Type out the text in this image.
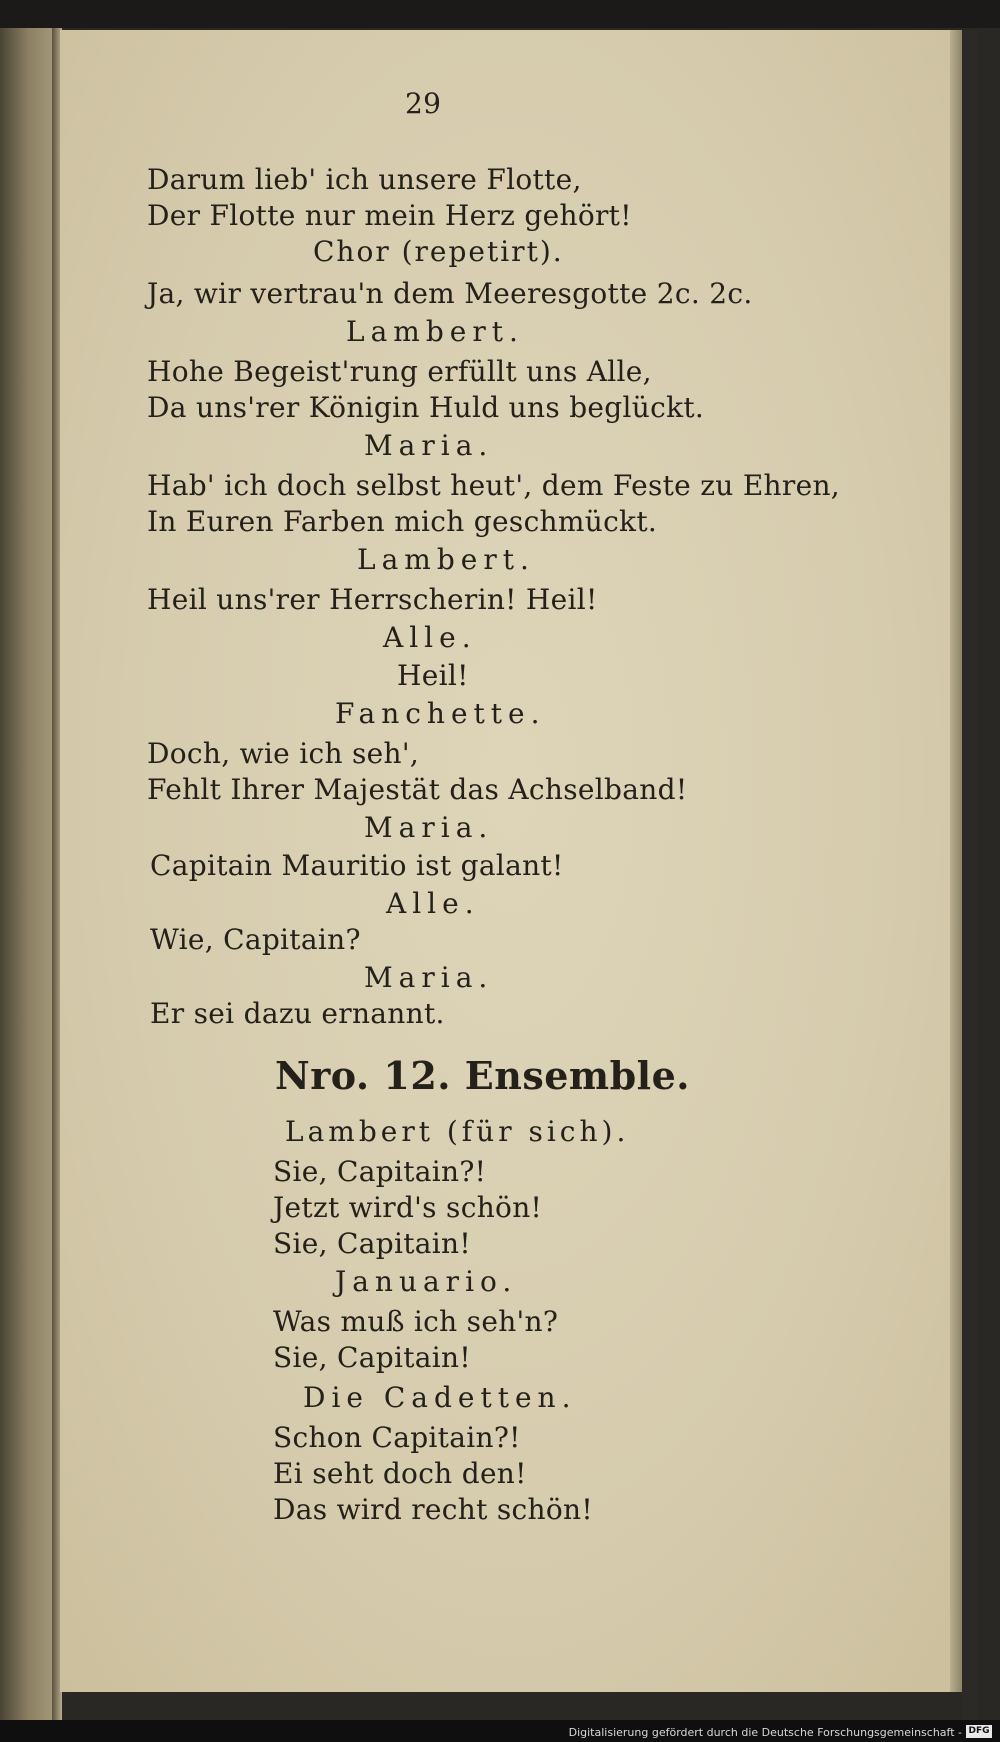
29
Darum lieb' ich unsere Flotte,
Der Flotte nur mein Herz gehört!
Chor (repetirt).
Ja, wir vertrau'n dem Meeresgotte 2c. 2c.
Lambert.
Hohe Begeist'rung erfüllt uns Alle,
Da uns'rer Königin Huld uns beglückt.
Maria.
Hab' ich doch selbst heut', dem Feste zu Ehren,
In Euren Farben mich geschmückt.
Lambert.
Heil uns'rer Herrscherin! Heil!
Alle.
Heil!
Fanchette.
Doch, wie ich seh',
Fehlt Ihrer Majestät das Achselband!
Maria.
Capitain Mauritio ist galant!
Alle.
Wie, Capitain?
Maria.
Er sei dazu ernannt.
Nro. 12. Ensemble.
Lambert (für sich).
Sie, Capitain?!
Jetzt wird's schön!
Sie, Capitain!
Januario.
Was muß ich seh'n?
Sie, Capitain!
Die Cadetten.
Schon Capitain?!
Ei seht doch den!
Das wird recht schön!
Digitalisierung gefördert durch die Deutsche Forschungsgemeinschaft - DFG
